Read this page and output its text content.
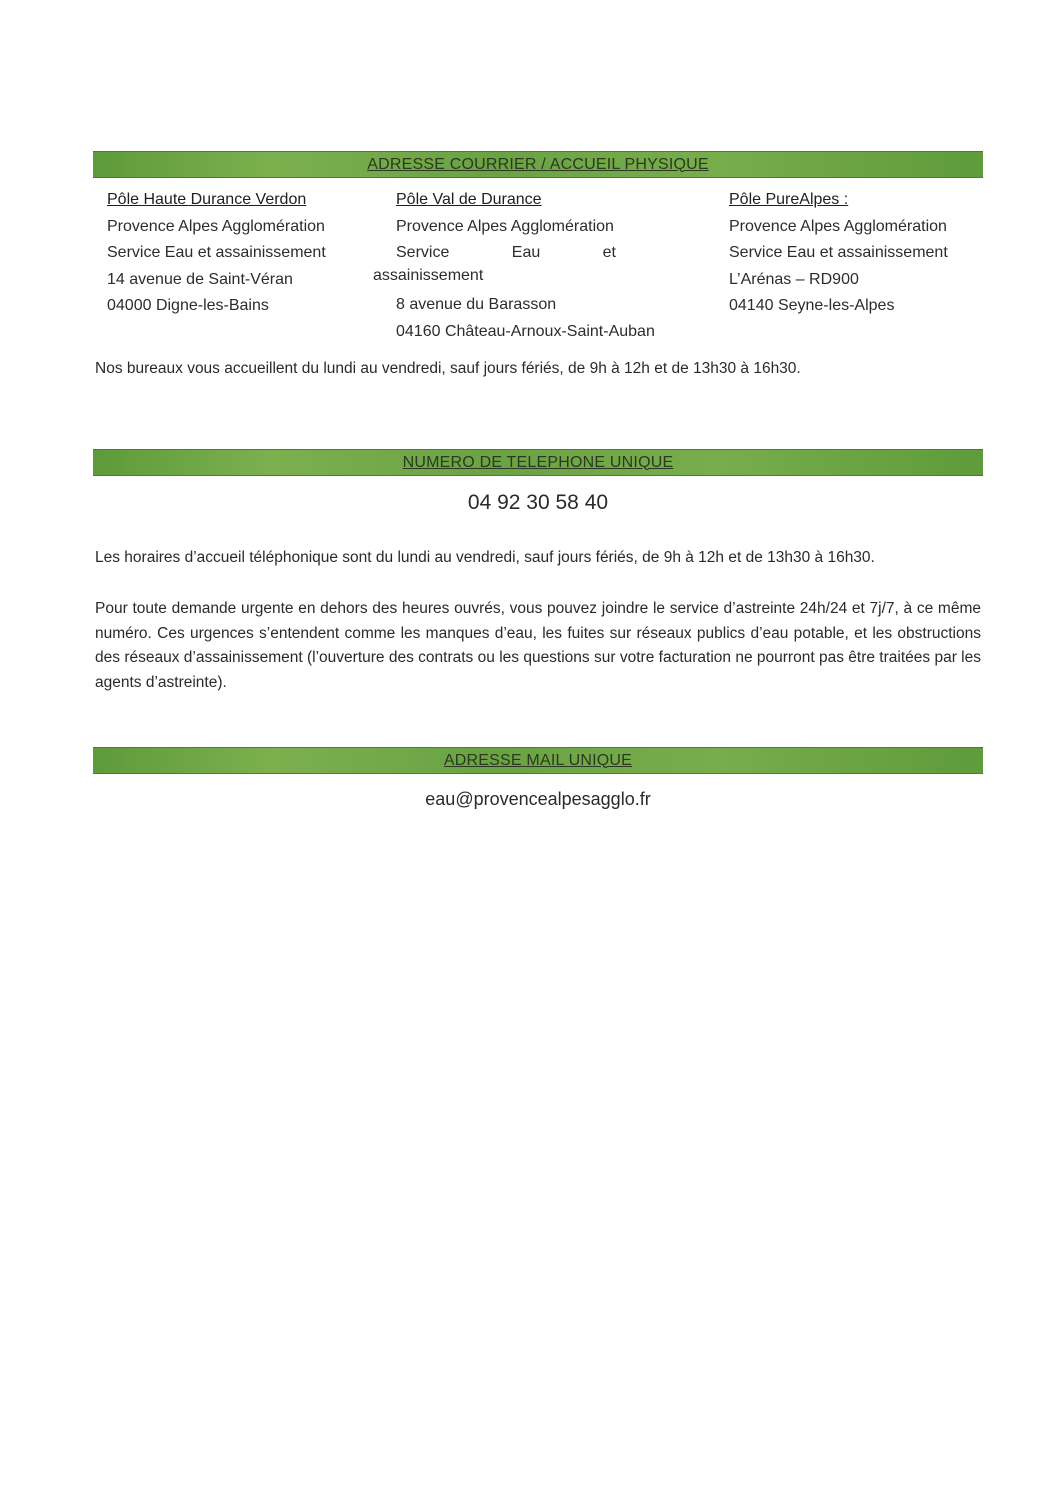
ADRESSE COURRIER / ACCUEIL PHYSIQUE
Pôle Haute Durance Verdon
Provence Alpes Agglomération
Service Eau et assainissement
14 avenue de Saint-Véran
04000 Digne-les-Bains
Pôle Val de Durance
Provence Alpes Agglomération
Service	Eau	et
assainissement
8 avenue du Barasson
04160 Château-Arnoux-Saint-Auban
Pôle PureAlpes :
Provence Alpes Agglomération
Service Eau et assainissement
L’Arénas – RD900
04140 Seyne-les-Alpes

Nos bureaux vous accueillent du lundi au vendredi, sauf jours fériés, de 9h à 12h et de 13h30 à 16h30.

NUMERO DE TELEPHONE UNIQUE
04 92 30 58 40

Les horaires d’accueil téléphonique sont du lundi au vendredi, sauf jours fériés, de 9h à 12h et de 13h30 à 16h30.

Pour toute demande urgente en dehors des heures ouvrés, vous pouvez joindre le service d’astreinte 24h/24 et 7j/7, à ce même numéro. Ces urgences s’entendent comme les manques d’eau, les fuites sur réseaux publics d’eau potable, et les obstructions des réseaux d’assainissement (l’ouverture des contrats ou les questions sur votre facturation ne pourront pas être traitées par les agents d’astreinte).

ADRESSE MAIL UNIQUE
eau@provencealpesagglo.fr
